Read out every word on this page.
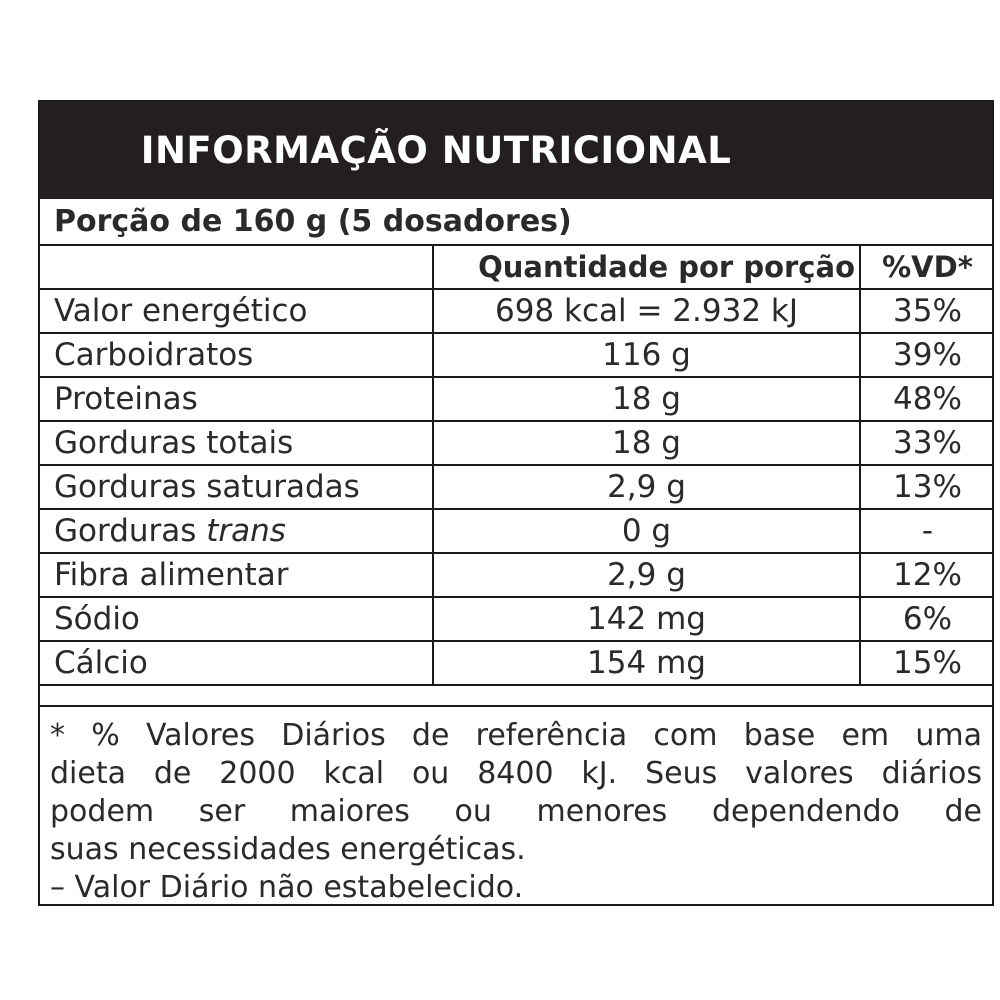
INFORMAÇÃO NUTRICIONAL
Porção de 160 g (5 dosadores)
	Quantidade por porção	%VD*
Valor energético	698 kcal = 2.932 kJ	35%
Carboidratos	116 g	39%
Proteinas	18 g	48%
Gorduras totais	18 g	33%
Gorduras saturadas	2,9 g	13%
Gorduras trans	0 g	-
Fibra alimentar	2,9 g	12%
Sódio	142 mg	6%
Cálcio	154 mg	15%

* % Valores Diários de referência com base em uma

dieta de 2000 kcal ou 8400 kJ. Seus valores diários

podem ser maiores ou menores dependendo de

suas necessidades energéticas.

– Valor Diário não estabelecido.
